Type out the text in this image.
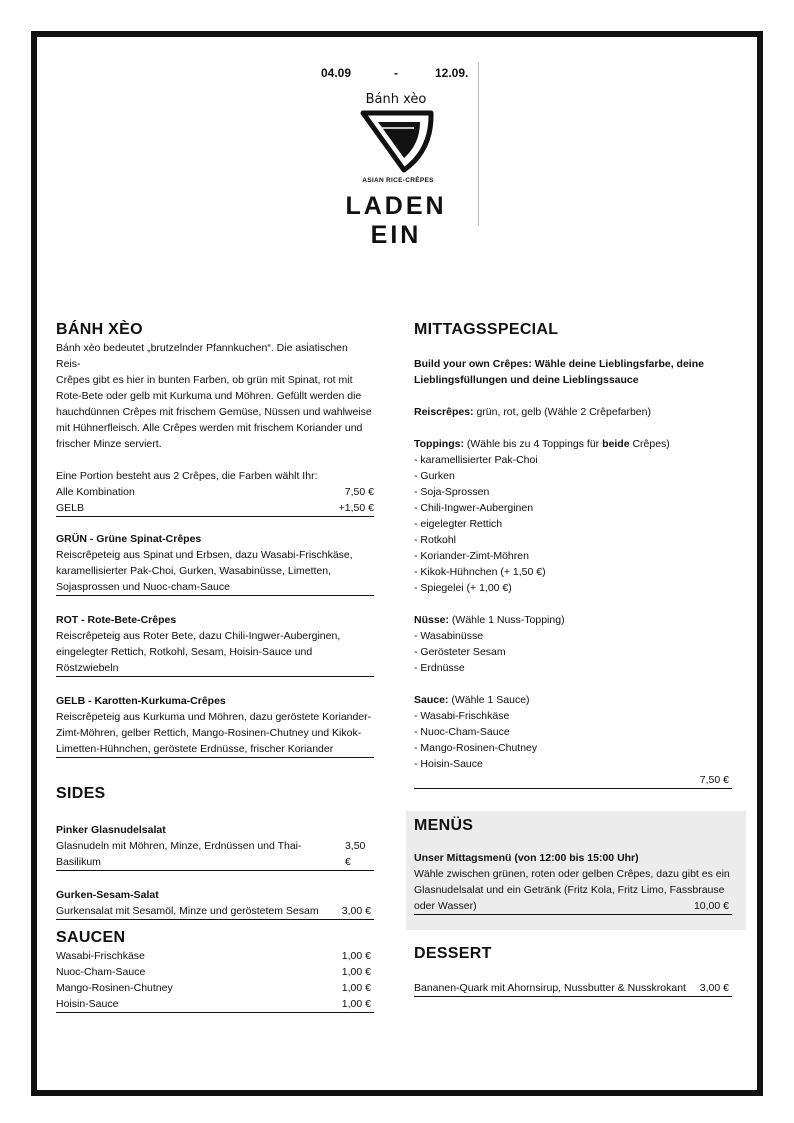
04.09	-	12.09.
Bánh xèo
ASIAN RICE-CRÊPES
LADEN EIN
BÁNH XÈO

Bánh xèo bedeutet „brutzelnder Pfannkuchen“. Die asiatischen Reis-

Crêpes gibt es hier in bunten Farben, ob grün mit Spinat, rot mit

Rote-Bete oder gelb mit Kurkuma und Möhren. Gefüllt werden die

hauchdünnen Crêpes mit frischem Gemüse, Nüssen und wahlweise

mit Hühnerfleisch. Alle Crêpes werden mit frischem Koriander und

frischer Minze serviert.

Eine Portion besteht aus 2 Crêpes, die Farben wählt Ihr:

Alle Kombination	7,50 €
GELB	+1,50 €

GRÜN - Grüne Spinat-Crêpes

Reiscrêpeteig aus Spinat und Erbsen, dazu Wasabi-Frischkäse,

karamellisierter Pak-Choi, Gurken, Wasabinüsse, Limetten,

Sojasprossen und Nuoc-cham-Sauce

ROT - Rote-Bete-Crêpes

Reiscrêpeteig aus Roter Bete, dazu Chili-Ingwer-Auberginen,

eingelegter Rettich, Rotkohl, Sesam, Hoisin-Sauce und

Röstzwiebeln

GELB - Karotten-Kurkuma-Crêpes

Reiscrêpeteig aus Kurkuma und Möhren, dazu geröstete Koriander-

Zimt-Möhren, gelber Rettich, Mango-Rosinen-Chutney und Kikok-

Limetten-Hühnchen, geröstete Erdnüsse, frischer Koriander

SIDES

Pinker Glasnudelsalat

Glasnudeln mit Möhren, Minze, Erdnüssen und Thai-Basilikum
3,50 €

Gurken-Sesam-Salat

Gurkensalat mit Sesamöl, Minze und geröstetem Sesam 3,00 €
SAUCEN
Wasabi-Frischkäse	1,00 €
Nuoc-Cham-Sauce	1,00 €
Mango-Rosinen-Chutney	1,00 €
Hoisin-Sauce	1,00 €
MITTAGSSPECIAL

Build your own Crêpes: Wähle deine Lieblingsfarbe, deine

Lieblingsfüllungen und deine Lieblingssauce

Reiscrêpes: grün, rot, gelb (Wähle 2 Crêpefarben)

Toppings: (Wähle bis zu 4 Toppings für beide Crêpes)

- karamellisierter Pak-Choi

- Gurken

- Soja-Sprossen

- Chili-Ingwer-Auberginen

- eigelegter Rettich

- Rotkohl

- Koriander-Zimt-Möhren

- Kikok-Hühnchen (+ 1,50 €)

- Spiegelei (+ 1,00 €)

Nüsse: (Wähle 1 Nuss-Topping)

- Wasabinüsse

- Gerösteter Sesam

- Erdnüsse

Sauce: (Wähle 1 Sauce)

- Wasabi-Frischkäse

- Nuoc-Cham-Sauce

- Mango-Rosinen-Chutney

- Hoisin-Sauce

7,50 €
MENÜS

Unser Mittagsmenü (von 12:00 bis 15:00 Uhr)

Wähle zwischen grünen, roten oder gelben Crêpes, dazu gibt es ein

Glasnudelsalat und ein Getränk (Fritz Kola, Fritz Limo, Fassbrause

oder Wasser)	10,00 €
DESSERT
Bananen-Quark mit Ahornsirup, Nussbutter & Nusskrokant 3,00 €
